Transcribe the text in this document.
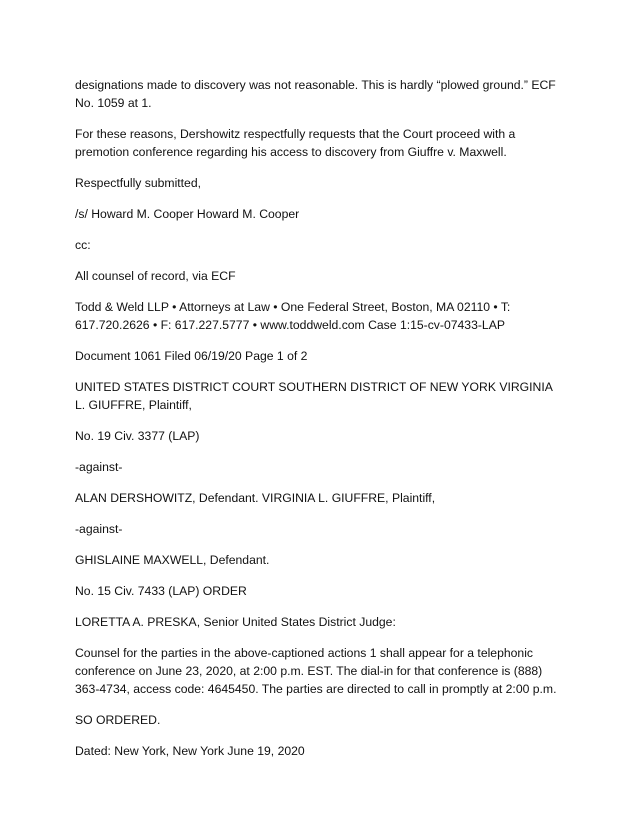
designations made to discovery was not reasonable. This is hardly “plowed ground.” ECF No. 1059 at 1.

For these reasons, Dershowitz respectfully requests that the Court proceed with a premotion conference regarding his access to discovery from Giuffre v. Maxwell.

Respectfully submitted,

/s/ Howard M. Cooper Howard M. Cooper

cc:

All counsel of record, via ECF

Todd & Weld LLP • Attorneys at Law • One Federal Street, Boston, MA 02110 • T: 617.720.2626 • F: 617.227.5777 • www.toddweld.com Case 1:15-cv-07433-LAP

Document 1061 Filed 06/19/20 Page 1 of 2

UNITED STATES DISTRICT COURT SOUTHERN DISTRICT OF NEW YORK VIRGINIA L. GIUFFRE, Plaintiff,

No. 19 Civ. 3377 (LAP)

-against-

ALAN DERSHOWITZ, Defendant. VIRGINIA L. GIUFFRE, Plaintiff,

-against-

GHISLAINE MAXWELL, Defendant.

No. 15 Civ. 7433 (LAP) ORDER

LORETTA A. PRESKA, Senior United States District Judge:

Counsel for the parties in the above-captioned actions 1 shall appear for a telephonic conference on June 23, 2020, at 2:00 p.m. EST. The dial-in for that conference is (888) 363-4734, access code: 4645450. The parties are directed to call in promptly at 2:00 p.m.

SO ORDERED.

Dated: New York, New York June 19, 2020
